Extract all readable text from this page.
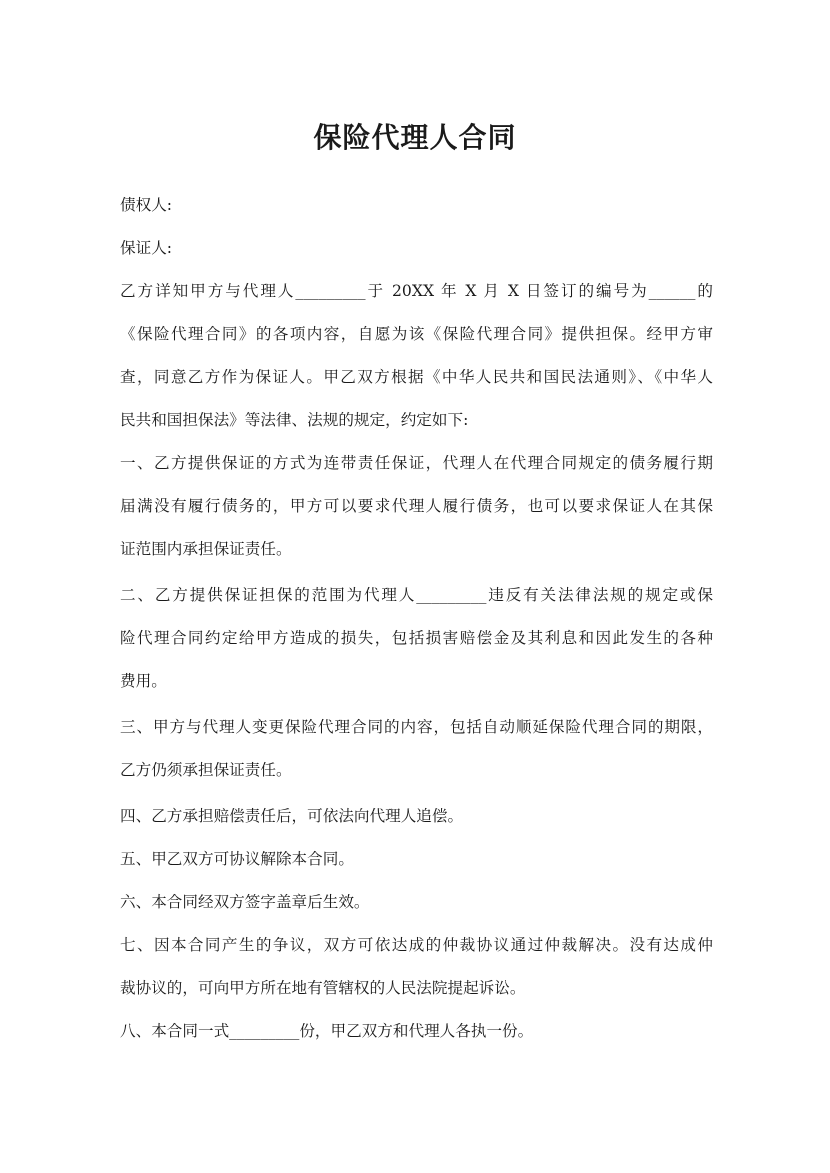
保险代理人合同
债权人:
保证人:
乙方详知甲方与代理人_________于 20XX 年 X 月 X 日签订的编号为______的
《保险代理合同》的各项内容，自愿为该《保险代理合同》提供担保。经甲方审
查，同意乙方作为保证人。甲乙双方根据《中华人民共和国民法通则》、《中华人
民共和国担保法》等法律、法规的规定，约定如下:
一、乙方提供保证的方式为连带责任保证，代理人在代理合同规定的债务履行期
届满没有履行债务的，甲方可以要求代理人履行债务，也可以要求保证人在其保
证范围内承担保证责任。
二、乙方提供保证担保的范围为代理人_________违反有关法律法规的规定或保
险代理合同约定给甲方造成的损失，包括损害赔偿金及其利息和因此发生的各种
费用。
三、甲方与代理人变更保险代理合同的内容，包括自动顺延保险代理合同的期限，
乙方仍须承担保证责任。
四、乙方承担赔偿责任后，可依法向代理人追偿。
五、甲乙双方可协议解除本合同。
六、本合同经双方签字盖章后生效。
七、因本合同产生的争议，双方可依达成的仲裁协议通过仲裁解决。没有达成仲
裁协议的，可向甲方所在地有管辖权的人民法院提起诉讼。
八、本合同一式_________份，甲乙双方和代理人各执一份。
